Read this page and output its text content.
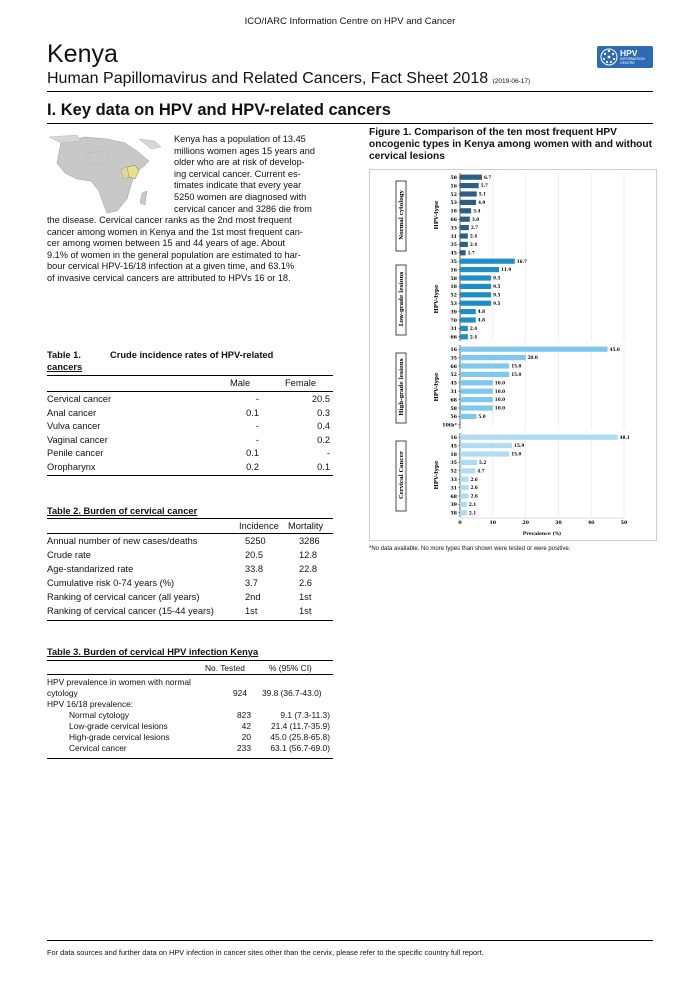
ICO/IARC Information Centre on HPV and Cancer
Kenya
Human Papillomavirus and Related Cancers, Fact Sheet 2018 (2019-06-17)
HPV
INFORMATION
CENTRE
I. Key data on HPV and HPV-related cancers
Kenya has a population of 13.45
millions women ages 15 years and
older who are at risk of develop-
ing cervical cancer. Current es-
timates indicate that every year
5250 women are diagnosed with
cervical cancer and 3286 die from
the disease. Cervical cancer ranks as the 2nd most frequent
cancer among women in Kenya and the 1st most frequent can-
cer among women between 15 and 44 years of age. About
9.1% of women in the general population are estimated to har-
bour cervical HPV-16/18 infection at a given time, and 63.1%
of invasive cervical cancers are attributed to HPVs 16 or 18.
Table 1.	Crude incidence rates of HPV-related
cancers
Male	Female
Cervical cancer	-	20.5
Anal cancer	0.1	0.3
Vulva cancer	-	0.4
Vaginal cancer	-	0.2
Penile cancer	0.1	-
Oropharynx	0.2	0.1
Table 2. Burden of cervical cancer
Incidence Mortality
Annual number of new cases/deaths	5250	3286
Crude rate	20.5	12.8
Age-standarized rate	33.8	22.8
Cumulative risk 0-74 years (%)	3.7	2.6
Ranking of cervical cancer (all years)	2nd	1st
Ranking of cervical cancer (15-44 years)	1st	1st
Table 3. Burden of cervical HPV infection Kenya
No. Tested	% (95% CI)
HPV prevalence in women with normal
cytology	924 39.8 (36.7-43.0)
HPV 16/18 prevalence:
Normal cytology	823	9.1 (7.3-11.3)
Low-grade cervical lesions	42 21.4 (11.7-35.9)
High-grade cervical lesions	20 45.0 (25.8-65.8)
Cervical cancer	233 63.1 (56.7-69.0)
Figure 1. Comparison of the ten most frequent HPV oncogenic types in Kenya among women with and without cervical lesions
Normal cytology	HPV-type
58	6.7
16	5.7
52	5.1
53	4.9
18	3.4
66	3.0
33	2.7
31	2.4
35	2.4
45	1.7
Low-grade lesions	HPV-type
35	16.7
16	11.9
58	9.5
18	9.5
52	9.5
53	9.5
39	4.8
70	4.8
31	2.4
66	2.4
High-grade lesions	HPV-type
16	45.0
35	20.0
66	15.0
52	15.0
45	10.0
31	10.0
68	10.0
58	10.0
56	5.0
10th*
Cervical Cancer	HPV-type
16	48.1
45	15.9
18	15.0
35	5.2
52	4.7
33	2.6
31	2.6
68	2.6
39	2.1
58	2.1
0	10	20	30	40	50
Prevalence (%)
*No data available. No more types than shown were tested or were positive.
For data sources and further data on HPV infection in cancer sites other than the cervix, please refer to the specific country full report.
